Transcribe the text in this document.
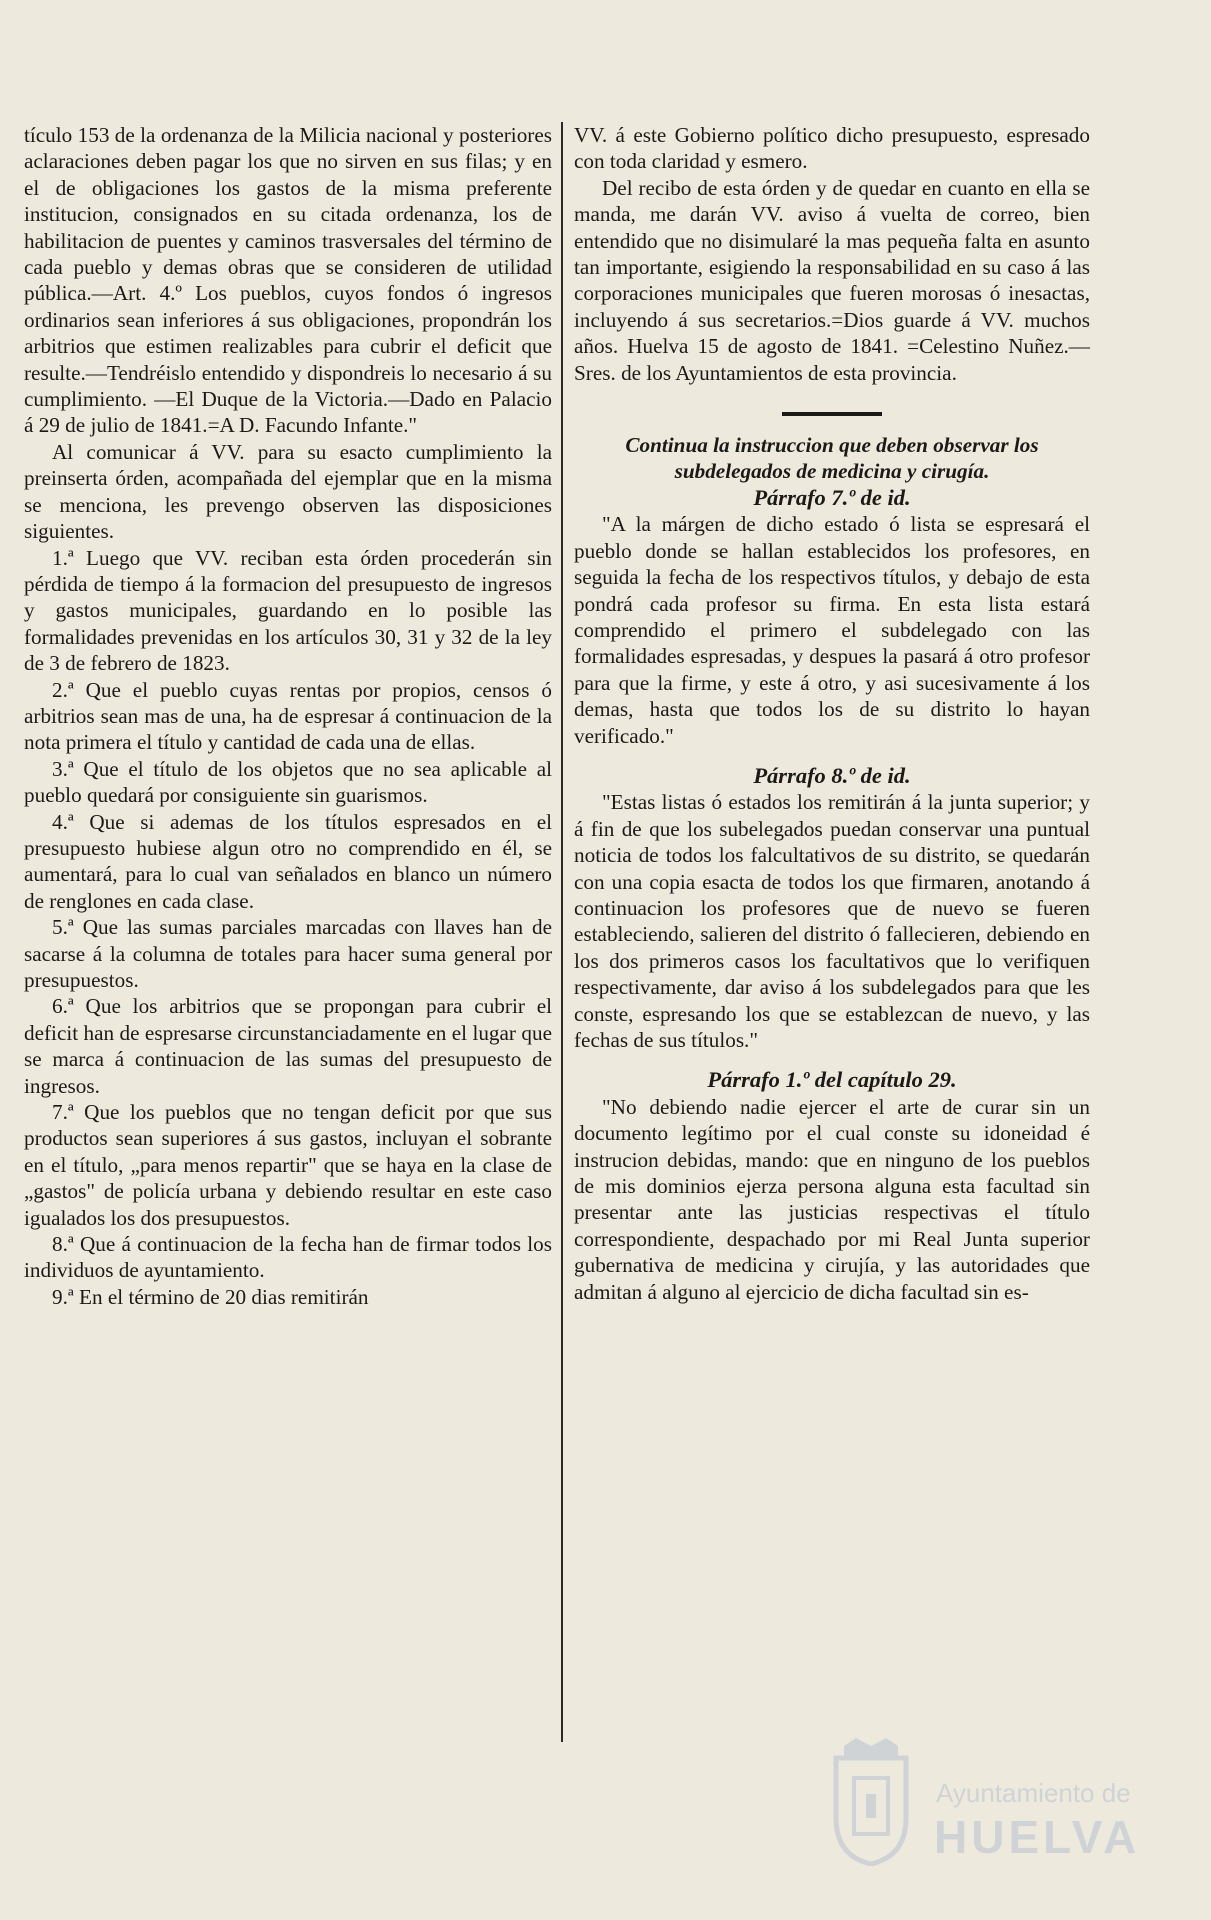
tículo 153 de la ordenanza de la Milicia nacional y posteriores aclaraciones deben pagar los que no sirven en sus filas; y en el de obligaciones los gastos de la misma preferente institucion, consignados en su citada ordenanza, los de habilitacion de puentes y caminos trasversales del término de cada pueblo y demas obras que se consideren de utilidad pública.—Art. 4.º Los pueblos, cuyos fondos ó ingresos ordinarios sean inferiores á sus obligaciones, propondrán los arbitrios que estimen realizables para cubrir el deficit que resulte.—Tendréislo entendido y dispondreis lo necesario á su cumplimiento. —El Duque de la Victoria.—Dado en Palacio á 29 de julio de 1841.=A D. Facundo Infante."

Al comunicar á VV. para su esacto cumplimiento la preinserta órden, acompañada del ejemplar que en la misma se menciona, les prevengo observen las disposiciones siguientes.

1.ª Luego que VV. reciban esta órden procederán sin pérdida de tiempo á la formacion del presupuesto de ingresos y gastos municipales, guardando en lo posible las formalidades prevenidas en los artículos 30, 31 y 32 de la ley de 3 de febrero de 1823.

2.ª Que el pueblo cuyas rentas por propios, censos ó arbitrios sean mas de una, ha de espresar á continuacion de la nota primera el título y cantidad de cada una de ellas.

3.ª Que el título de los objetos que no sea aplicable al pueblo quedará por consiguiente sin guarismos.

4.ª Que si ademas de los títulos espresados en el presupuesto hubiese algun otro no comprendido en él, se aumentará, para lo cual van señalados en blanco un número de renglones en cada clase.

5.ª Que las sumas parciales marcadas con llaves han de sacarse á la columna de totales para hacer suma general por presupuestos.

6.ª Que los arbitrios que se propongan para cubrir el deficit han de espresarse circunstanciadamente en el lugar que se marca á continuacion de las sumas del presupuesto de ingresos.

7.ª Que los pueblos que no tengan deficit por que sus productos sean superiores á sus gastos, incluyan el sobrante en el título, „para menos repartir" que se haya en la clase de „gastos" de policía urbana y debiendo resultar en este caso igualados los dos presupuestos.

8.ª Que á continuacion de la fecha han de firmar todos los individuos de ayuntamiento.

9.ª En el término de 20 dias remitirán

VV. á este Gobierno político dicho presupuesto, espresado con toda claridad y esmero.

Del recibo de esta órden y de quedar en cuanto en ella se manda, me darán VV. aviso á vuelta de correo, bien entendido que no disimularé la mas pequeña falta en asunto tan importante, esigiendo la responsabilidad en su caso á las corporaciones municipales que fueren morosas ó inesactas, incluyendo á sus secretarios.=Dios guarde á VV. muchos años. Huelva 15 de agosto de 1841. =Celestino Nuñez.—Sres. de los Ayuntamientos de esta provincia.

Continua la instruccion que deben observar los subdelegados de medicina y cirugía.

Párrafo 7.º de id.

"A la márgen de dicho estado ó lista se espresará el pueblo donde se hallan establecidos los profesores, en seguida la fecha de los respectivos títulos, y debajo de esta pondrá cada profesor su firma. En esta lista estará comprendido el primero el subdelegado con las formalidades espresadas, y despues la pasará á otro profesor para que la firme, y este á otro, y asi sucesivamente á los demas, hasta que todos los de su distrito lo hayan verificado."

Párrafo 8.º de id.

"Estas listas ó estados los remitirán á la junta superior; y á fin de que los subelegados puedan conservar una puntual noticia de todos los falcultativos de su distrito, se quedarán con una copia esacta de todos los que firmaren, anotando á continuacion los profesores que de nuevo se fueren estableciendo, salieren del distrito ó fallecieren, debiendo en los dos primeros casos los facultativos que lo verifiquen respectivamente, dar aviso á los subdelegados para que les conste, espresando los que se establezcan de nuevo, y las fechas de sus títulos."

Párrafo 1.º del capítulo 29.

"No debiendo nadie ejercer el arte de curar sin un documento legítimo por el cual conste su idoneidad é instrucion debidas, mando: que en ninguno de los pueblos de mis dominios ejerza persona alguna esta facultad sin presentar ante las justicias respectivas el título correspondiente, despachado por mi Real Junta superior gubernativa de medicina y cirujía, y las autoridades que admitan á alguno al ejercicio de dicha facultad sin es-

Ayuntamiento de
HUELVA
